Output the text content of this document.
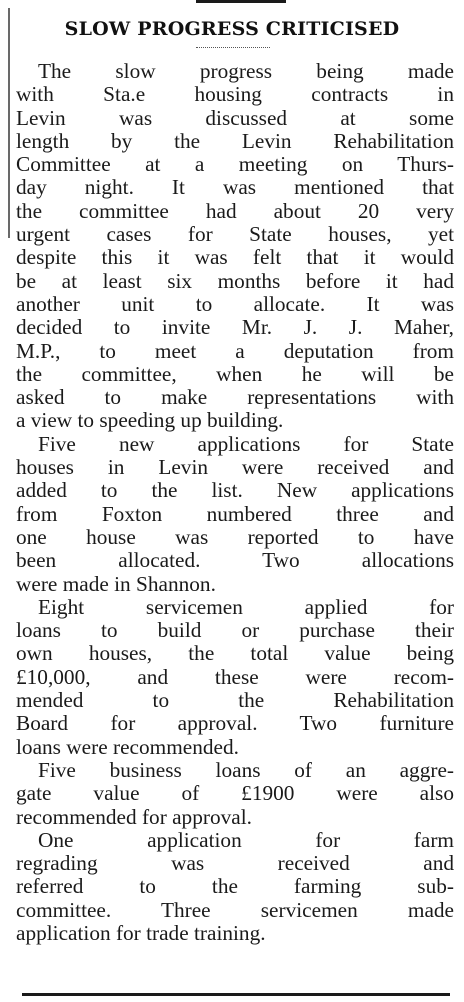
SLOW PROGRESS CRITICISED
The slow progress being made
with Sta.e housing contracts in
Levin was discussed at some
length by the Levin Rehabilitation
Committee at a meeting on Thurs-
day night. It was mentioned that
the committee had about 20 very
urgent cases for State houses, yet
despite this it was felt that it would
be at least six months before it had
another unit to allocate. It was
decided to invite Mr. J. J. Maher,
M.P., to meet a deputation from
the committee, when he will be
asked to make representations with
a view to speeding up building.
Five new applications for State
houses in Levin were received and
added to the list. New applications
from Foxton numbered three and
one house was reported to have
been allocated. Two allocations
were made in Shannon.
Eight servicemen applied for
loans to build or purchase their
own houses, the total value being
£10,000, and these were recom-
mended to the Rehabilitation
Board for approval. Two furniture
loans were recommended.
Five business loans of an aggre-
gate value of £1900 were also
recommended for approval.
One application for farm
regrading was received and
referred to the farming sub-
committee. Three servicemen made
application for trade training.
